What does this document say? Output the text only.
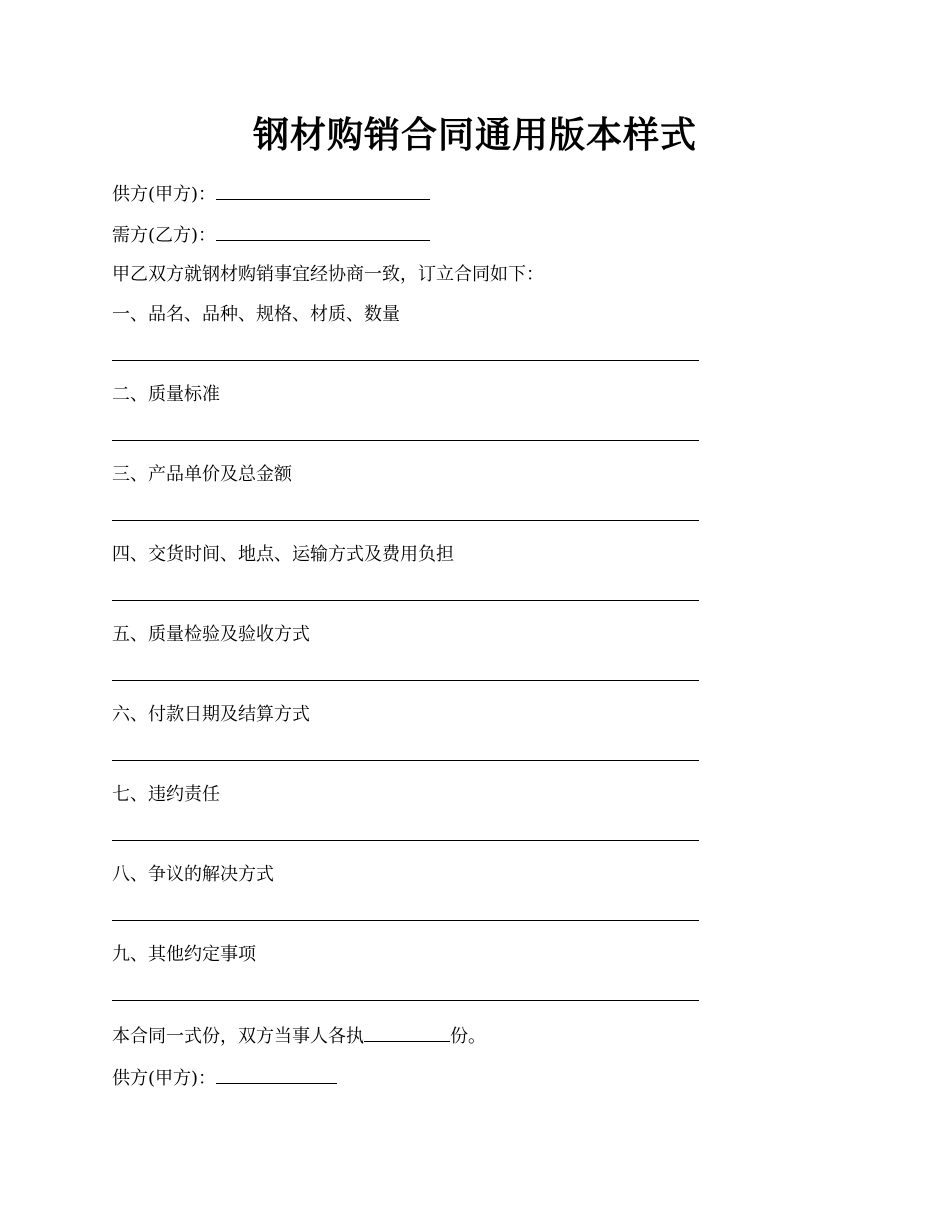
钢材购销合同通用版本样式
供方(甲方)：
需方(乙方)：
甲乙双方就钢材购销事宜经协商一致，订立合同如下：
一、品名、品种、规格、材质、数量
二、质量标准
三、产品单价及总金额
四、交货时间、地点、运输方式及费用负担
五、质量检验及验收方式
六、付款日期及结算方式
七、违约责任
八、争议的解决方式
九、其他约定事项
本合同一式份，双方当事人各执	份。
供方(甲方)：
